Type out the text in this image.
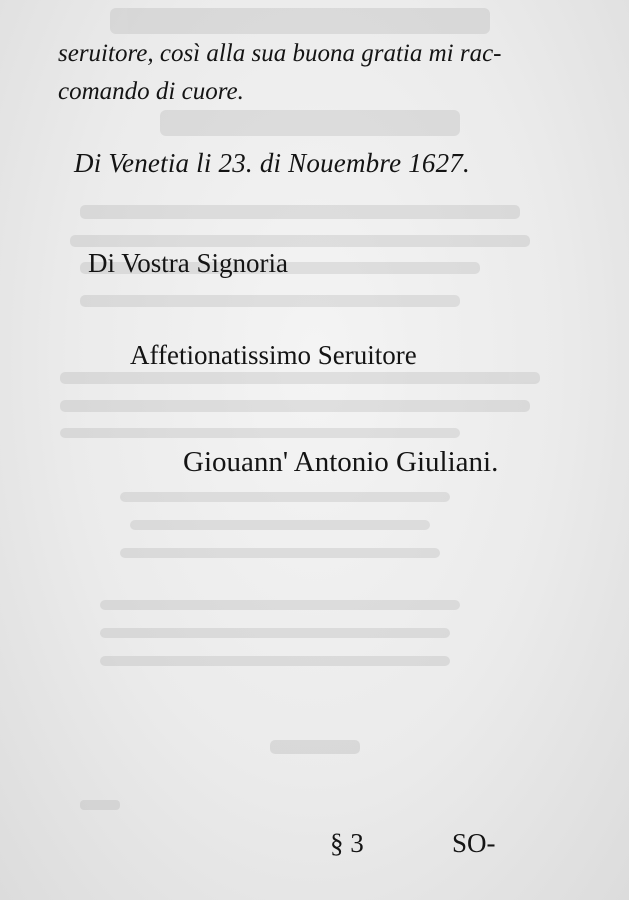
seruitore, così alla sua buona gratia mi rac-
comando di cuore.
Di Venetia li 23. di Nouembre 1627.
Di Vostra Signoria
Affetionatissimo Seruitore
Giouann' Antonio Giuliani.
§ 3	SO-
